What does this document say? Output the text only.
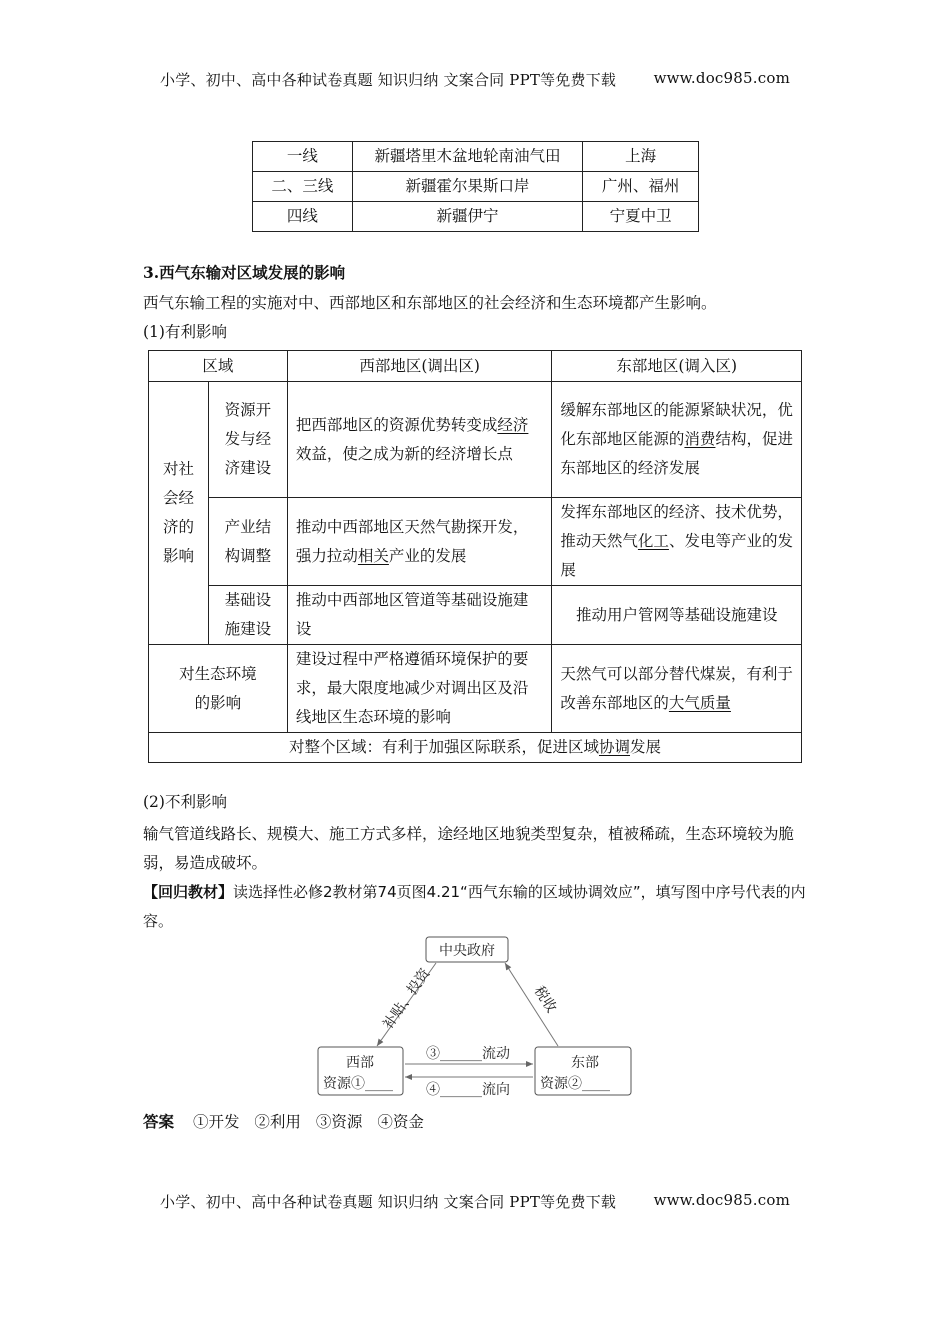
小学、初中、高中各种试卷真题 知识归纳 文案合同 PPT等免费下载 www.doc985.com
一线	新疆塔里木盆地轮南油气田	上海
二、三线	新疆霍尔果斯口岸	广州、福州
四线	新疆伊宁	宁夏中卫
3.西气东输对区域发展的影响
西气东输工程的实施对中、西部地区和东部地区的社会经济和生态环境都产生影响。
(1)有利影响
区域		西部地区(调出区)	东部地区(调入区)
对社会经济的影响	资源开发与经济建设	把西部地区的资源优势转变成经济效益，使之成为新的经济增长点	缓解东部地区的能源紧缺状况，优化东部地区能源的消费结构，促进东部地区的经济发展
	产业结构调整	推动中西部地区天然气勘探开发，强力拉动相关产业的发展	发挥东部地区的经济、技术优势，推动天然气化工、发电等产业的发展
	基础设施建设	推动中西部地区管道等基础设施建设	推动用户管网等基础设施建设
对生态环境的影响		建设过程中严格遵循环境保护的要求，最大限度地减少对调出区及沿线地区生态环境的影响	天然气可以部分替代煤炭，有利于改善东部地区的大气质量
对整个区域：有利于加强区际联系，促进区域协调发展			
(2)不利影响
输气管道线路长、规模大、施工方式多样，途经地区地貌类型复杂，植被稀疏，生态环境较为脆弱，易造成破坏。
【回归教材】读选择性必修2教材第74页图4.21“西气东输的区域协调效应”，填写图中序号代表的内容。
中央政府
西部
资源①____
东部
资源②____
补贴、投资	税收
③______流动
④______流向
答案 ①开发 ②利用 ③资源 ④资金
小学、初中、高中各种试卷真题 知识归纳 文案合同 PPT等免费下载 www.doc985.com
